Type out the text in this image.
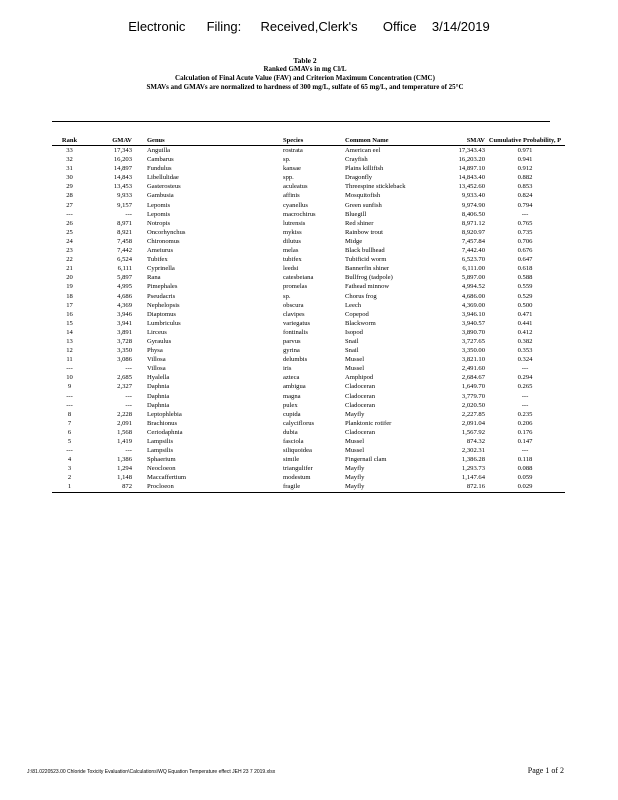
Electronic Filing: Received,Clerk's Office 3/14/2019
Table 2
Ranked GMAVs in mg Cl/L
Calculation of Final Acute Value (FAV) and Criterion Maximum Concentration (CMC)
SMAVs and GMAVs are normalized to hardness of 300 mg/L, sulfate of 65 mg/L, and temperature of 25°C
Rank	GMAV	Genus	Species	Common Name	SMAV	Cumulative Probability, P
33	17,343	Anguilla	rostrata	American eel	17,343.43	0.971
32	16,203	Cambarus	sp.	Crayfish	16,203.20	0.941
31	14,897	Fundulus	kansae	Plains killifish	14,897.10	0.912
30	14,843	Libellulidae	spp.	Dragonfly	14,843.40	0.882
29	13,453	Gasterosteus	aculeatus	Threespine stickleback	13,452.60	0.853
28	9,933	Gambusia	affinis	Mosquitofish	9,933.40	0.824
27	9,157	Lepomis	cyanellus	Green sunfish	9,974.90	0.794
---	---	Lepomis	macrochirus	Bluegill	8,406.50	---
26	8,971	Notropis	lutrensis	Red shiner	8,971.12	0.765
25	8,921	Oncorhynchus	mykiss	Rainbow trout	8,920.97	0.735
24	7,458	Chironomus	dilutus	Midge	7,457.84	0.706
23	7,442	Ameiurus	melas	Black bullhead	7,442.40	0.676
22	6,524	Tubifex	tubifex	Tubificid worm	6,523.70	0.647
21	6,111	Cyprinella	leedsi	Bannerfin shiner	6,111.00	0.618
20	5,897	Rana	catesbeiana	Bullfrog (tadpole)	5,897.00	0.588
19	4,995	Pimephales	promelas	Fathead minnow	4,994.52	0.559
18	4,686	Pseudacris	sp.	Chorus frog	4,686.00	0.529
17	4,369	Nephelopsis	obscura	Leech	4,369.00	0.500
16	3,946	Diaptomus	clavipes	Copepod	3,946.10	0.471
15	3,941	Lumbriculus	variegatus	Blackworm	3,940.57	0.441
14	3,891	Lirceus	fontinalis	Isopod	3,890.70	0.412
13	3,728	Gyraulus	parvus	Snail	3,727.65	0.382
12	3,350	Physa	gyrina	Snail	3,350.00	0.353
11	3,086	Villosa	delumbis	Mussel	3,821.10	0.324
---	---	Villosa	iris	Mussel	2,491.60	---
10	2,685	Hyalella	azteca	Amphipod	2,684.67	0.294
9	2,327	Daphnia	ambigua	Cladoceran	1,649.70	0.265
---	---	Daphnia	magna	Cladoceran	3,779.70	---
---	---	Daphnia	pulex	Cladoceran	2,020.50	---
8	2,228	Leptophlebia	cupida	Mayfly	2,227.85	0.235
7	2,091	Brachionus	calyciflorus	Planktonic rotifer	2,091.04	0.206
6	1,568	Ceriodaphnia	dubia	Cladoceran	1,567.92	0.176
5	1,419	Lampsilis	fasciola	Mussel	874.32	0.147
---	---	Lampsilis	siliquoidea	Mussel	2,302.31	---
4	1,386	Sphaerium	simile	Fingernail clam	1,386.28	0.118
3	1,294	Neocloeon	triangulifer	Mayfly	1,293.73	0.088
2	1,148	Maccaffertium	modestum	Mayfly	1,147.64	0.059
1	872	Procloeon	fragile	Mayfly	872.16	0.029
J:\81.0220523.00 Chloride Toxicity Evaluation\Calculations\WQ Equation Temperature effect JEH 23 7 2019.xlsx	Page 1 of 2
